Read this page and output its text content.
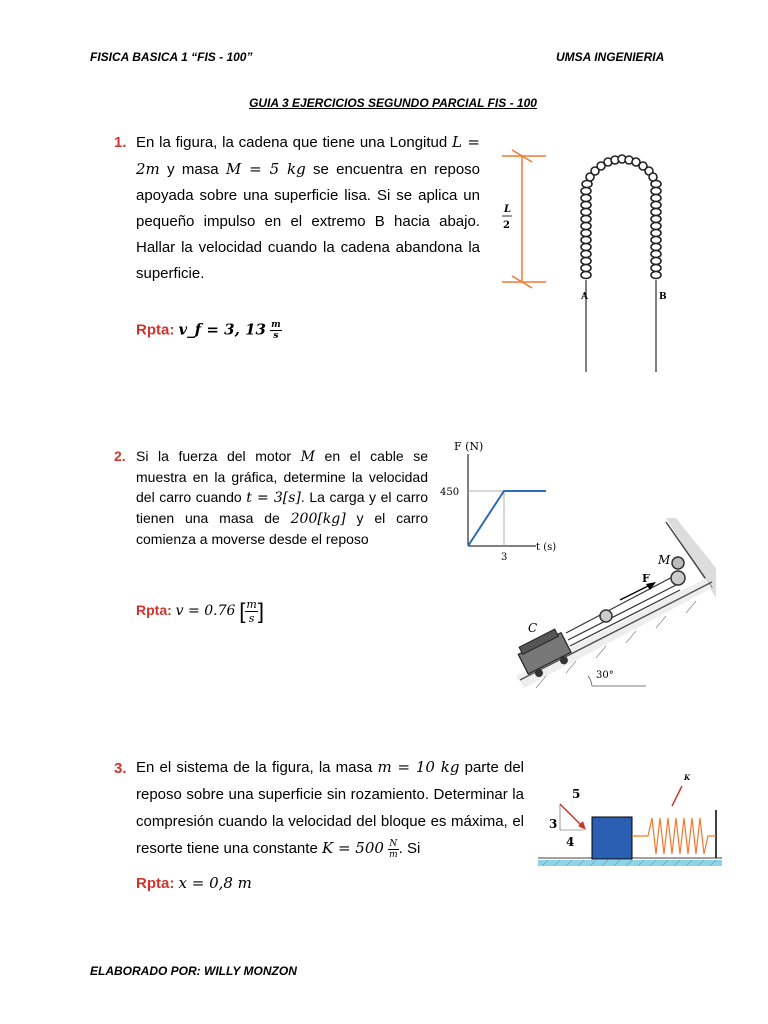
FISICA BASICA 1 “FIS - 100”	UMSA INGENIERIA
GUIA 3 EJERCICIOS SEGUNDO PARCIAL FIS - 100
1. En la figura, la cadena que tiene una Longitud L = 2m y masa M = 5 kg se encuentra en reposo apoyada sobre una superficie lisa. Si se aplica un pequeño impulso en el extremo B hacia abajo. Hallar la velocidad cuando la cadena abandona la superficie.

Rpta: v_f = 3, $13 \frac{m}{s}$
L
2
A	B
2. Si la fuerza del motor M en el cable se muestra en la gráfica, determine la velocidad del carro cuando t = 3[s]. La carga y el carro tienen una masa de 200[kg] y el carro comienza a moverse desde el reposo

Rpta: v = 0.76 [ $\frac{m}{s}$ ]
F (N)
450
3
t (s)
30°
M
F
C
3. En el sistema de la figura, la masa m = 10 kg parte del reposo sobre una superficie sin rozamiento. Determinar la compresión cuando la velocidad del bloque es máxima, el resorte tiene una constante $K = 500 \frac{N}{m}$ . Si

Rpta: x = 0,8 m
K
3
4
5
ELABORADO POR: WILLY MONZON
